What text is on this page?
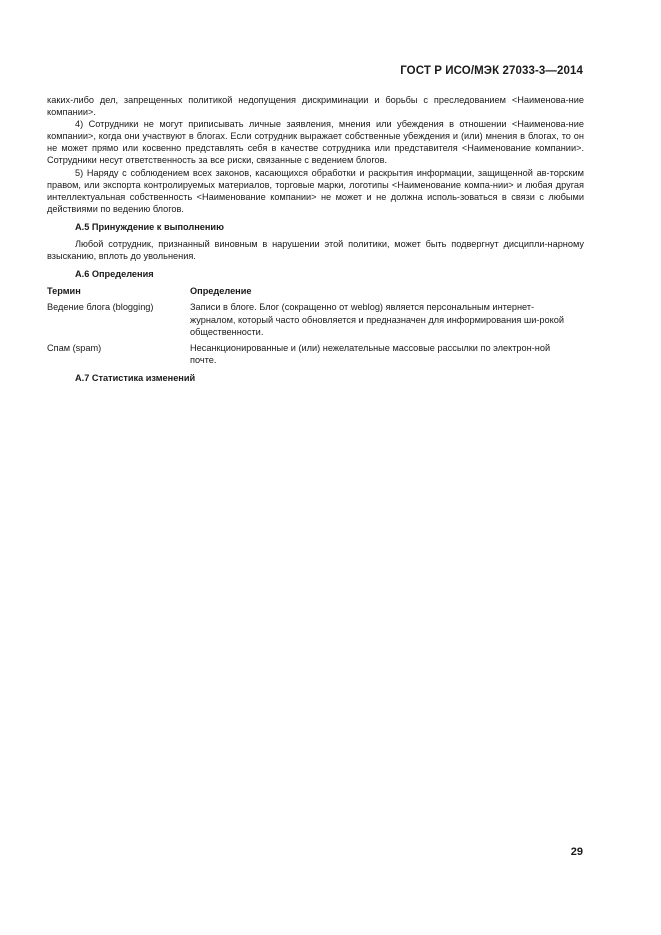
ГОСТ Р ИСО/МЭК 27033-3—2014

каких-либо дел, запрещенных политикой недопущения дискриминации и борьбы с преследованием <Наименова-ние компании>.

4) Сотрудники не могут приписывать личные заявления, мнения или убеждения в отношении <Наименова-ние компании>, когда они участвуют в блогах. Если сотрудник выражает собственные убеждения и (или) мнения в блогах, то он не может прямо или косвенно представлять себя в качестве сотрудника или представителя <Наименование компании>. Сотрудники несут ответственность за все риски, связанные с ведением блогов.

5) Наряду с соблюдением всех законов, касающихся обработки и раскрытия информации, защищенной ав-торским правом, или экспорта контролируемых материалов, торговые марки, логотипы <Наименование компа-нии> и любая другая интеллектуальная собственность <Наименование компании> не может и не должна исполь-зоваться в связи с любыми действиями по ведению блогов.

А.5 Принуждение к выполнению

Любой сотрудник, признанный виновным в нарушении этой политики, может быть подвергнут дисципли-нарному взысканию, вплоть до увольнения.

А.6 Определения
Термин	Определение
Ведение блога (blogging)	Записи в блоге. Блог (сокращенно от weblog) является персональным интернет-журналом, который часто обновляется и предназначен для информирования ши-рокой общественности.
Спам (spam)	Несанкционированные и (или) нежелательные массовые рассылки по электрон-ной почте.
А.7 Статистика изменений
29
